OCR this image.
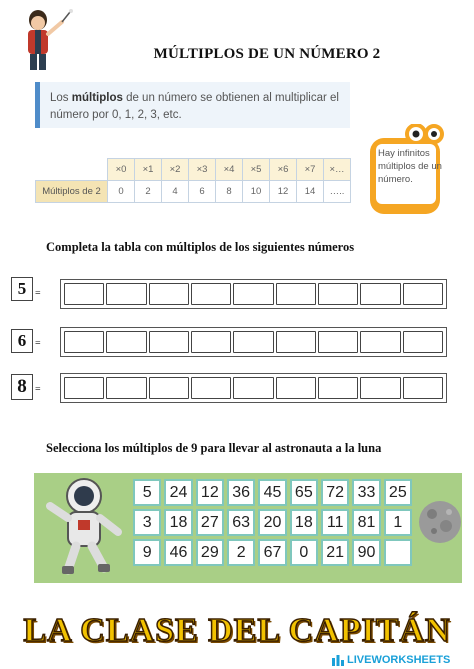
MÚLTIPLOS DE UN NÚMERO 2
Los múltiplos de un número se obtienen al multiplicar el número por 0, 1, 2, 3, etc.
	×0	×1	×2	×3	×4	×5	×6	×7	×…
Múltiplos de 2	0	2	4	6	8	10	12	14	…..
Hay infinitos múltiplos de un número.
Completa la tabla con múltiplos de los siguientes números
5 =
6 =
8 =
Selecciona los múltiplos de 9 para llevar al astronauta a la luna
5	24 12 36 45 65 72 33 25
3	18 27 63 20 18 11 81	1
9	46 29	2	67	0	21 90
LA CLASE DEL CAPITÁN
LIVEWORKSHEETS
